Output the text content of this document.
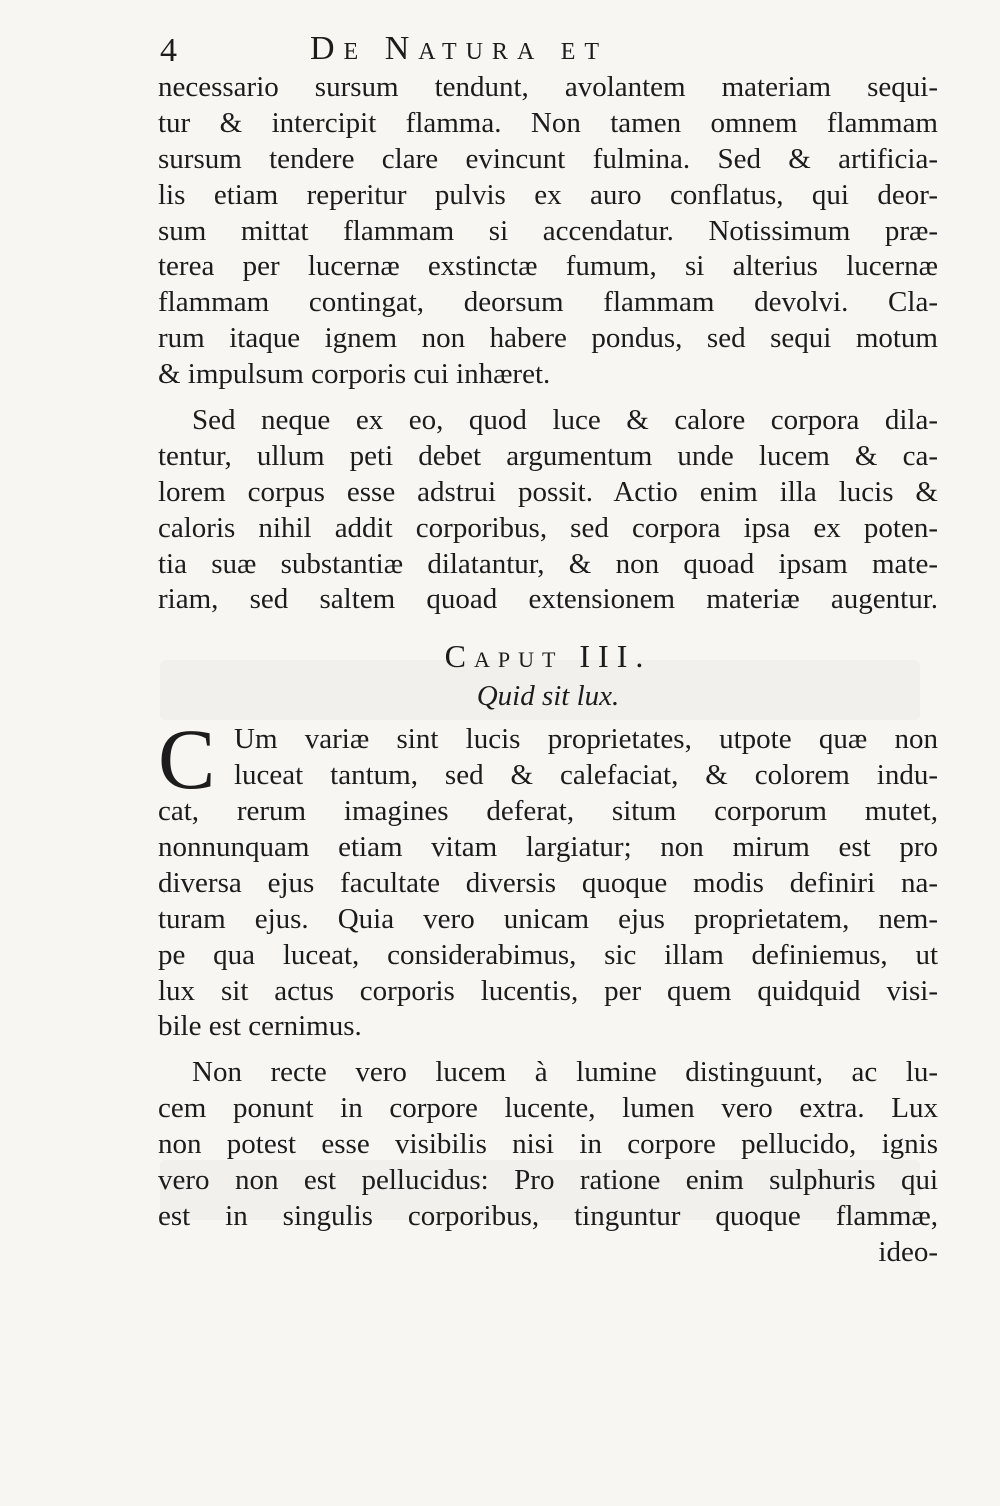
4	De Natura et
necessario sursum tendunt, avolantem materiam sequi-
tur & intercipit flamma. Non tamen omnem flammam
sursum tendere clare evincunt fulmina. Sed & artificia-
lis etiam reperitur pulvis ex auro conflatus, qui deor-
sum mittat flammam si accendatur. Notissimum præ-
terea per lucernæ exstinctæ fumum, si alterius lucernæ
flammam contingat, deorsum flammam devolvi. Cla-
rum itaque ignem non habere pondus, sed sequi motum
& impulsum corporis cui inhæret.
Sed neque ex eo, quod luce & calore corpora dila-
tentur, ullum peti debet argumentum unde lucem & ca-
lorem corpus esse adstrui possit. Actio enim illa lucis &
caloris nihil addit corporibus, sed corpora ipsa ex poten-
tia suæ substantiæ dilatantur, & non quoad ipsam mate-
riam, sed saltem quoad extensionem materiæ augentur.
Caput III.
Quid sit lux.
C Um variæ sint lucis proprietates, utpote quæ non
luceat tantum, sed & calefaciat, & colorem indu-
cat, rerum imagines deferat, situm corporum mutet,
nonnunquam etiam vitam largiatur; non mirum est pro
diversa ejus facultate diversis quoque modis definiri na-
turam ejus. Quia vero unicam ejus proprietatem, nem-
pe qua luceat, considerabimus, sic illam definiemus, ut
lux sit actus corporis lucentis, per quem quidquid visi-
bile est cernimus.
Non recte vero lucem à lumine distinguunt, ac lu-
cem ponunt in corpore lucente, lumen vero extra. Lux
non potest esse visibilis nisi in corpore pellucido, ignis
vero non est pellucidus: Pro ratione enim sulphuris qui
est in singulis corporibus, tinguntur quoque flammæ,
ideo-
